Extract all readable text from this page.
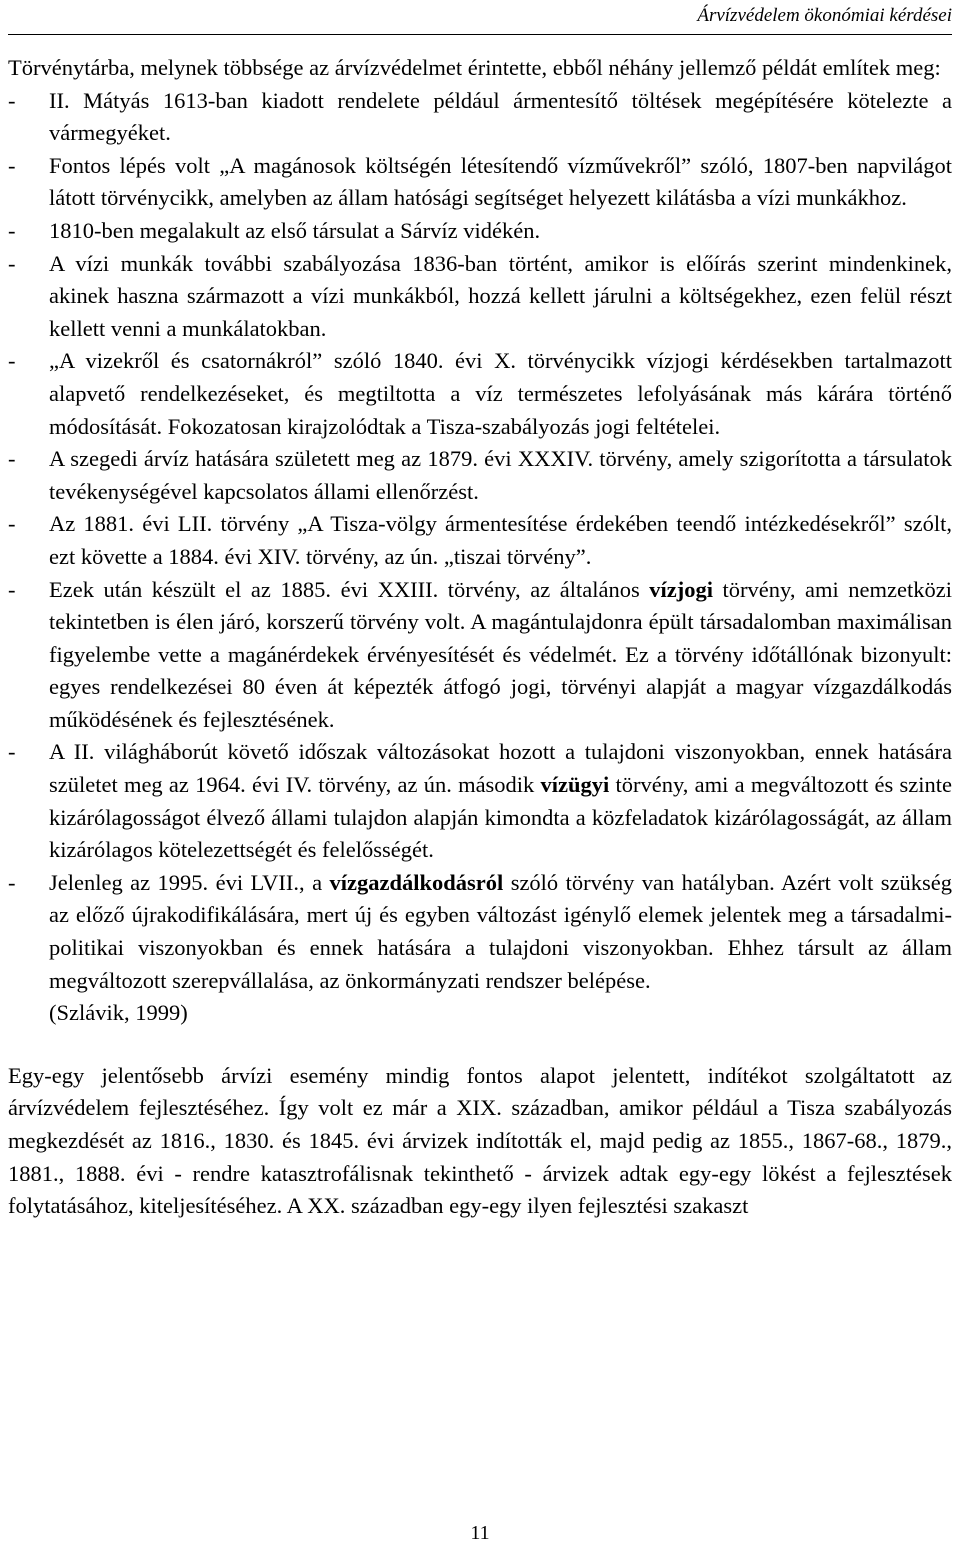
Árvízvédelem ökonómiai kérdései

Törvénytárba, melynek többsége az árvízvédelmet érintette, ebből néhány jellemző példát említek meg:

- II. Mátyás 1613-ban kiadott rendelete például ármentesítő töltések megépítésére kötelezte a vármegyéket.
- Fontos lépés volt „A magánosok költségén létesítendő vízművekről” szóló, 1807-ben napvilágot látott törvénycikk, amelyben az állam hatósági segítséget helyezett kilátásba a vízi munkákhoz.
- 1810-ben megalakult az első társulat a Sárvíz vidékén.
- A vízi munkák további szabályozása 1836-ban történt, amikor is előírás szerint mindenkinek, akinek haszna származott a vízi munkákból, hozzá kellett járulni a költségekhez, ezen felül részt kellett venni a munkálatokban.
- „A vizekről és csatornákról” szóló 1840. évi X. törvénycikk vízjogi kérdésekben tartalmazott alapvető rendelkezéseket, és megtiltotta a víz természetes lefolyásának más kárára történő módosítását. Fokozatosan kirajzolódtak a Tisza-szabályozás jogi feltételei.
- A szegedi árvíz hatására született meg az 1879. évi XXXIV. törvény, amely szigorította a társulatok tevékenységével kapcsolatos állami ellenőrzést.
- Az 1881. évi LII. törvény „A Tisza-völgy ármentesítése érdekében teendő intézkedésekről” szólt, ezt követte a 1884. évi XIV. törvény, az ún. „tiszai törvény”.
- Ezek után készült el az 1885. évi XXIII. törvény, az általános vízjogi törvény, ami nemzetközi tekintetben is élen járó, korszerű törvény volt. A magántulajdonra épült társadalomban maximálisan figyelembe vette a magánérdekek érvényesítését és védelmét. Ez a törvény időtállónak bizonyult: egyes rendelkezései 80 éven át képezték átfogó jogi, törvényi alapját a magyar vízgazdálkodás működésének és fejlesztésének.
- A II. világháborút követő időszak változásokat hozott a tulajdoni viszonyokban, ennek hatására születet meg az 1964. évi IV. törvény, az ún. második vízügyi törvény, ami a megváltozott és szinte kizárólagosságot élvező állami tulajdon alapján kimondta a közfeladatok kizárólagosságát, az állam kizárólagos kötelezettségét és felelősségét.
- Jelenleg az 1995. évi LVII., a vízgazdálkodásról szóló törvény van hatályban. Azért volt szükség az előző újrakodifikálására, mert új és egyben változást igénylő elemek jelentek meg a társadalmi-politikai viszonyokban és ennek hatására a tulajdoni viszonyokban. Ehhez társult az állam megváltozott szerepvállalása, az önkormányzati rendszer belépése.

(Szlávik, 1999)

Egy-egy jelentősebb árvízi esemény mindig fontos alapot jelentett, indítékot szolgáltatott az árvízvédelem fejlesztéséhez. Így volt ez már a XIX. században, amikor például a Tisza szabályozás megkezdését az 1816., 1830. és 1845. évi árvizek indították el, majd pedig az 1855., 1867-68., 1879., 1881., 1888. évi - rendre katasztrofálisnak tekinthető - árvizek adtak egy-egy lökést a fejlesztések folytatásához, kiteljesítéséhez. A XX. században egy-egy ilyen fejlesztési szakaszt

11
